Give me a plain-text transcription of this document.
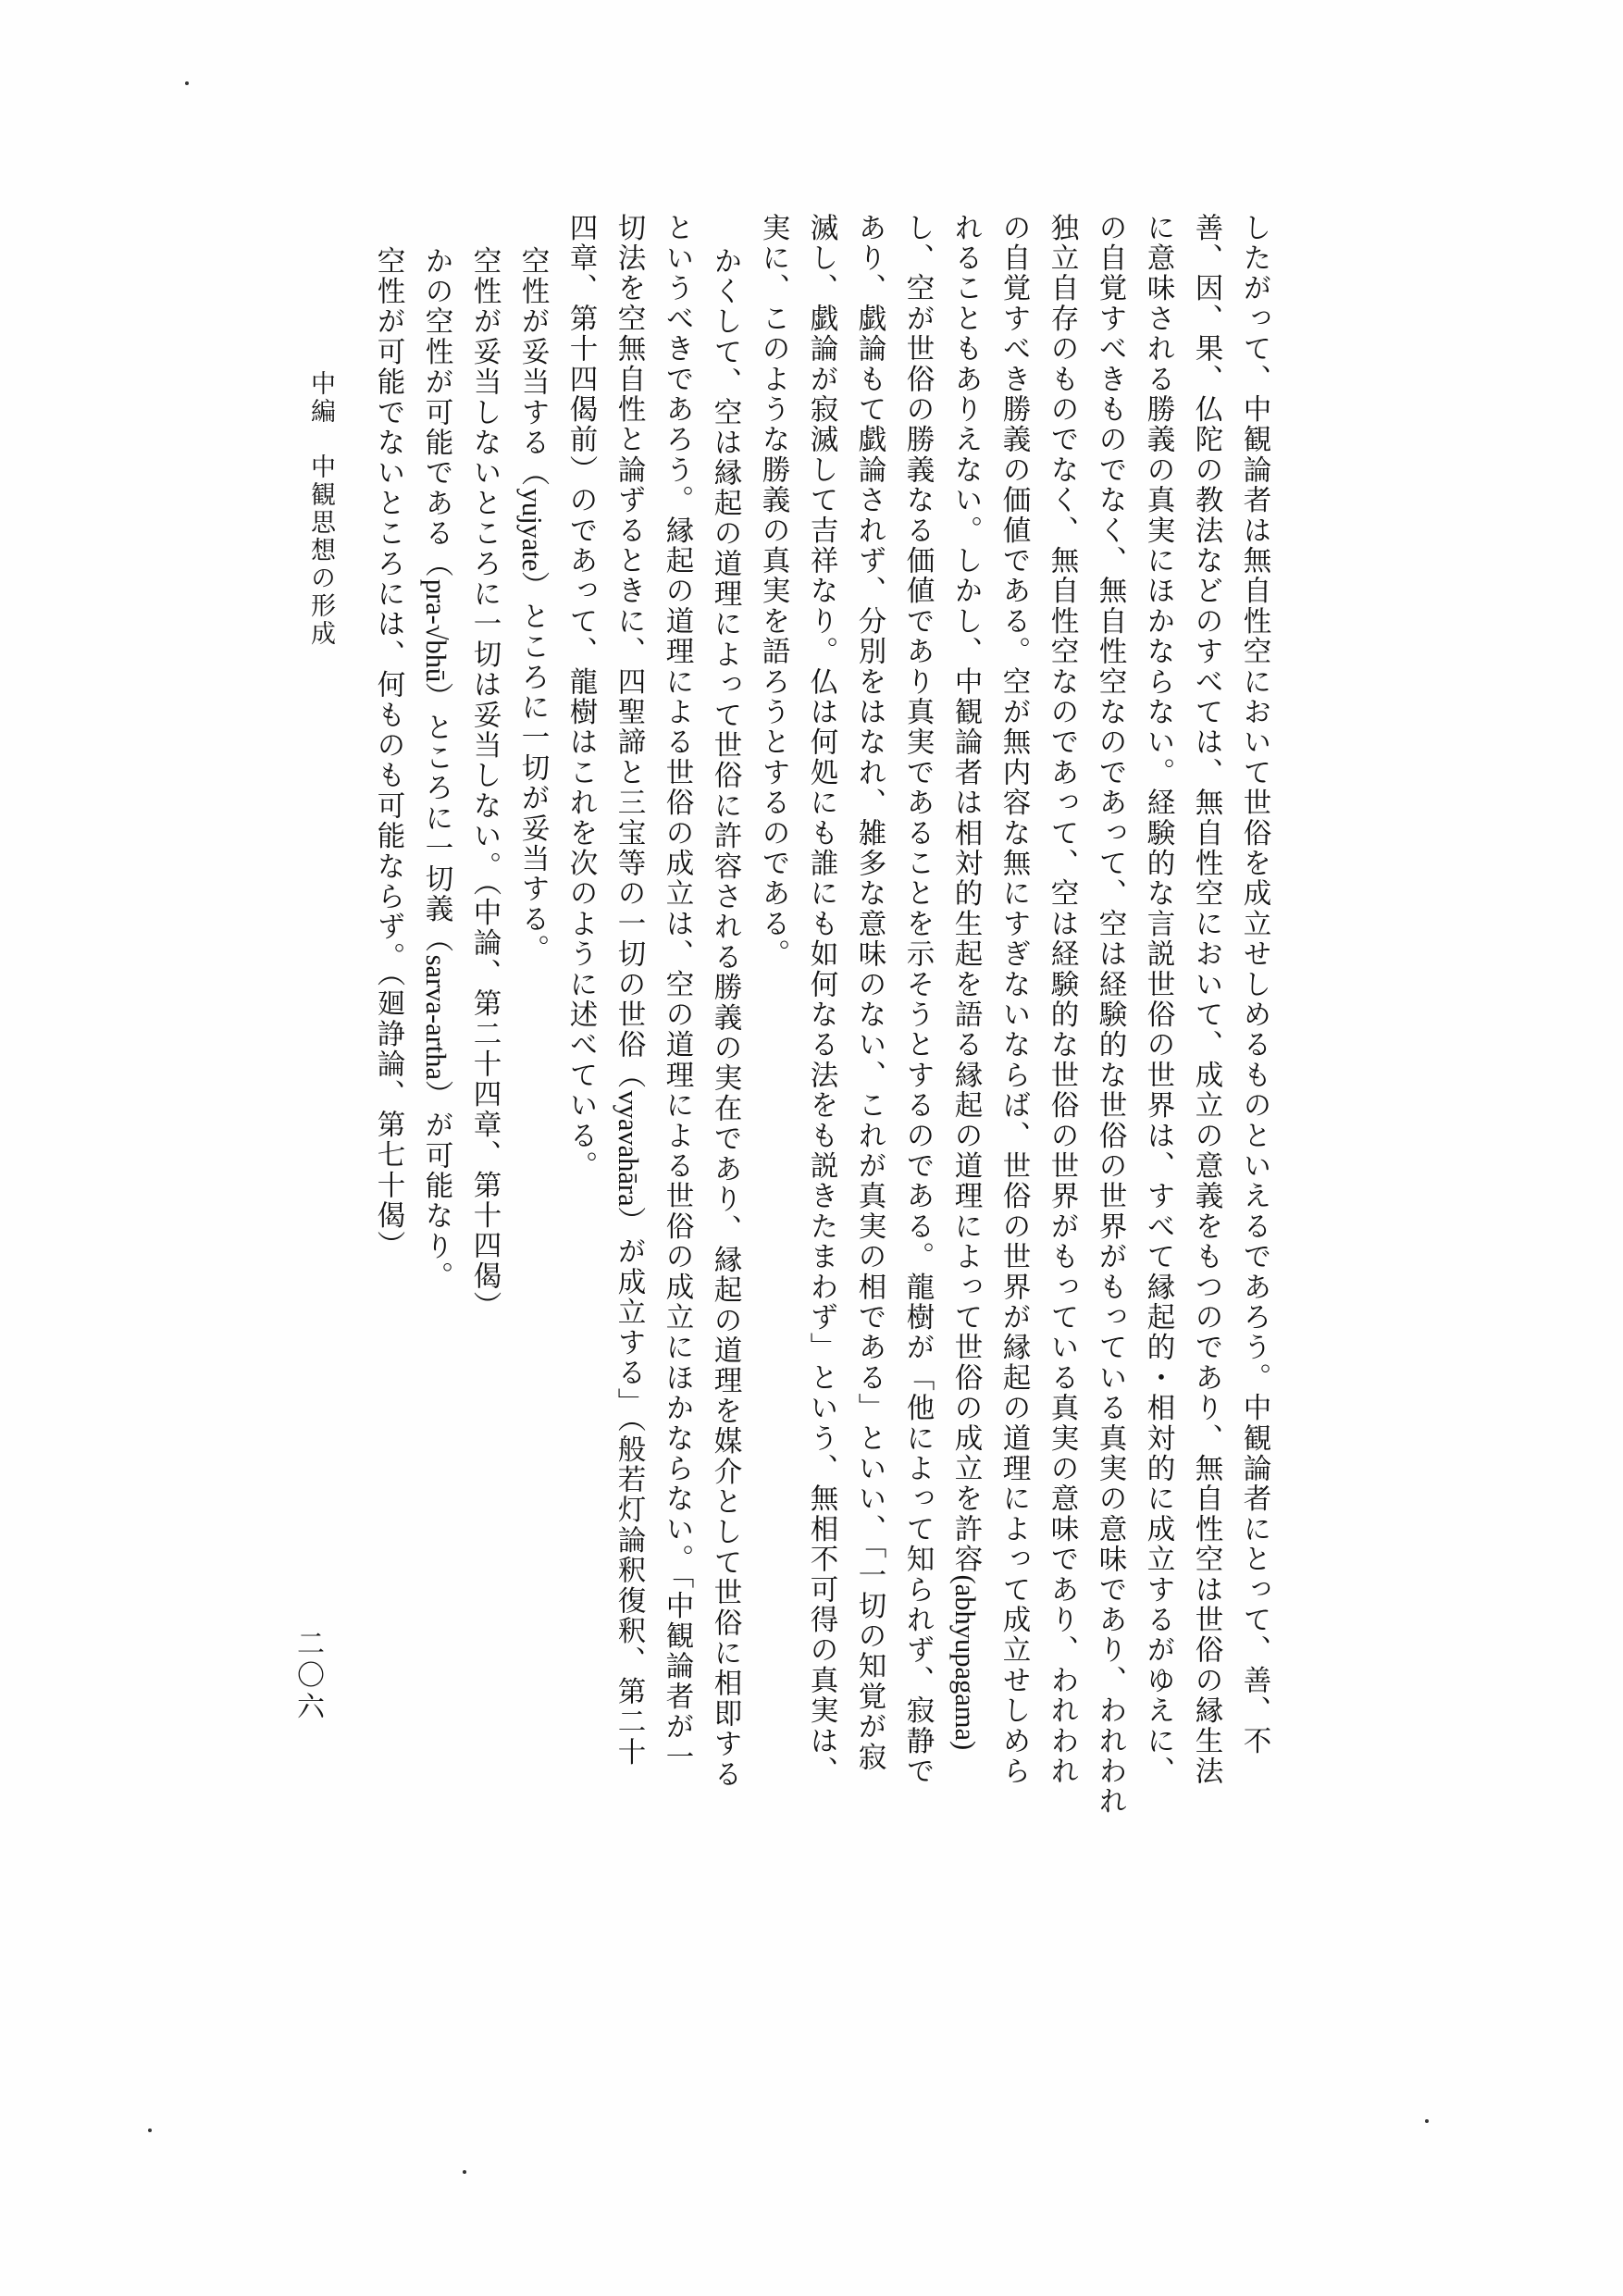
中編　中観思想の形成
二〇六	したがって、中観論者は無自性空において世俗を成立せしめるものといえるであろう。中観論者にとって、善、不
善、因、果、仏陀の教法などのすべては、無自性空において、成立の意義をもつのであり、無自性空は世俗の縁生法
に意味される勝義の真実にほかならない。経験的な言説世俗の世界は、すべて縁起的・相対的に成立するがゆえに、
の自覚すべきものでなく、無自性空なのであって、空は経験的な世俗の世界がもっている真実の意味であり、われわれ
独立自存のものでなく、無自性空なのであって、空は経験的な世俗の世界がもっている真実の意味であり、われわれ
の自覚すべき勝義の価値である。空が無内容な無にすぎないならば、世俗の世界が縁起の道理によって成立せしめら
れることもありえない。しかし、中観論者は相対的生起を語る縁起の道理によって世俗の成立を許容(abhyupagama)
し、空が世俗の勝義なる価値であり真実であることを示そうとするのである。龍樹が「他によって知られず、寂静で
あり、戯論もて戯論されず、分別をはなれ、雑多な意味のない、これが真実の相である」といい、「一切の知覚が寂
滅し、戯論が寂滅して吉祥なり。仏は何処にも誰にも如何なる法をも説きたまわず」という、無相不可得の真実は、
実に、このような勝義の真実を語ろうとするのである。
かくして、空は縁起の道理によって世俗に許容される勝義の実在であり、縁起の道理を媒介として世俗に相即する
というべきであろう。縁起の道理による世俗の成立は、空の道理による世俗の成立にほかならない。「中観論者が一
切法を空無自性と論ずるときに、四聖諦と三宝等の一切の世俗（vyavahāra）が成立する」（般若灯論釈復釈、第二十
四章、第十四偈前）のであって、龍樹はこれを次のように述べている。
空性が妥当する（yujyate）ところに一切が妥当する。
空性が妥当しないところに一切は妥当しない。（中論、第二十四章、第十四偈）
かの空性が可能である（pra-√bhū）ところに一切義（sarva-artha）が可能なり。
空性が可能でないところには、何ものも可能ならず。（廻諍論、第七十偈）
